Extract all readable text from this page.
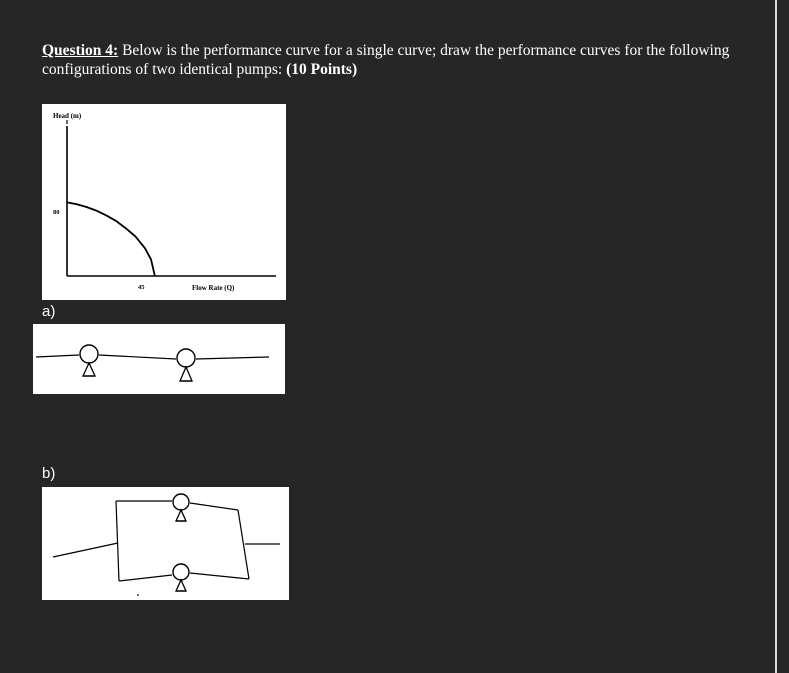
Question 4: Below is the performance curve for a single curve; draw the performance curves for the following configurations of two identical pumps: (10 Points)
Head (m)
Flow Rate (Q)
80
45
a)
b)
